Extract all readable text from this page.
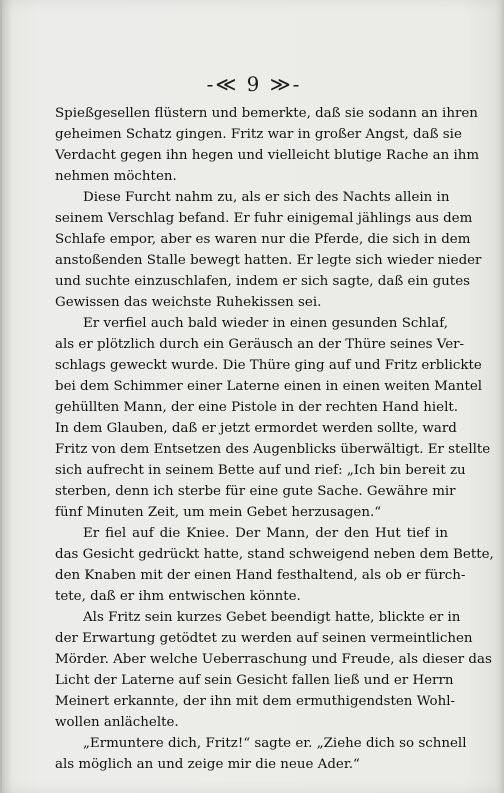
-≪ 9 ≫-
Spießgesellen flüstern und bemerkte, daß sie sodann an ihren
geheimen Schatz gingen. Fritz war in großer Angst, daß sie
Verdacht gegen ihn hegen und vielleicht blutige Rache an ihm
nehmen möchten.
Diese Furcht nahm zu, als er sich des Nachts allein in
seinem Verschlag befand. Er fuhr einigemal jählings aus dem
Schlafe empor, aber es waren nur die Pferde, die sich in dem
anstoßenden Stalle bewegt hatten. Er legte sich wieder nieder
und suchte einzuschlafen, indem er sich sagte, daß ein gutes
Gewissen das weichste Ruhekissen sei.
Er verfiel auch bald wieder in einen gesunden Schlaf,
als er plötzlich durch ein Geräusch an der Thüre seines Ver-
schlags geweckt wurde. Die Thüre ging auf und Fritz erblickte
bei dem Schimmer einer Laterne einen in einen weiten Mantel
gehüllten Mann, der eine Pistole in der rechten Hand hielt.
In dem Glauben, daß er jetzt ermordet werden sollte, ward
Fritz von dem Entsetzen des Augenblicks überwältigt. Er stellte
sich aufrecht in seinem Bette auf und rief: „Ich bin bereit zu
sterben, denn ich sterbe für eine gute Sache. Gewähre mir
fünf Minuten Zeit, um mein Gebet herzusagen.“
Er fiel auf die Kniee. Der Mann, der den Hut tief in
das Gesicht gedrückt hatte, stand schweigend neben dem Bette,
den Knaben mit der einen Hand festhaltend, als ob er fürch-
tete, daß er ihm entwischen könnte.
Als Fritz sein kurzes Gebet beendigt hatte, blickte er in
der Erwartung getödtet zu werden auf seinen vermeintlichen
Mörder. Aber welche Ueberraschung und Freude, als dieser das
Licht der Laterne auf sein Gesicht fallen ließ und er Herrn
Meinert erkannte, der ihn mit dem ermuthigendsten Wohl-
wollen anlächelte.
„Ermuntere dich, Fritz!“ sagte er. „Ziehe dich so schnell
als möglich an und zeige mir die neue Ader.“
